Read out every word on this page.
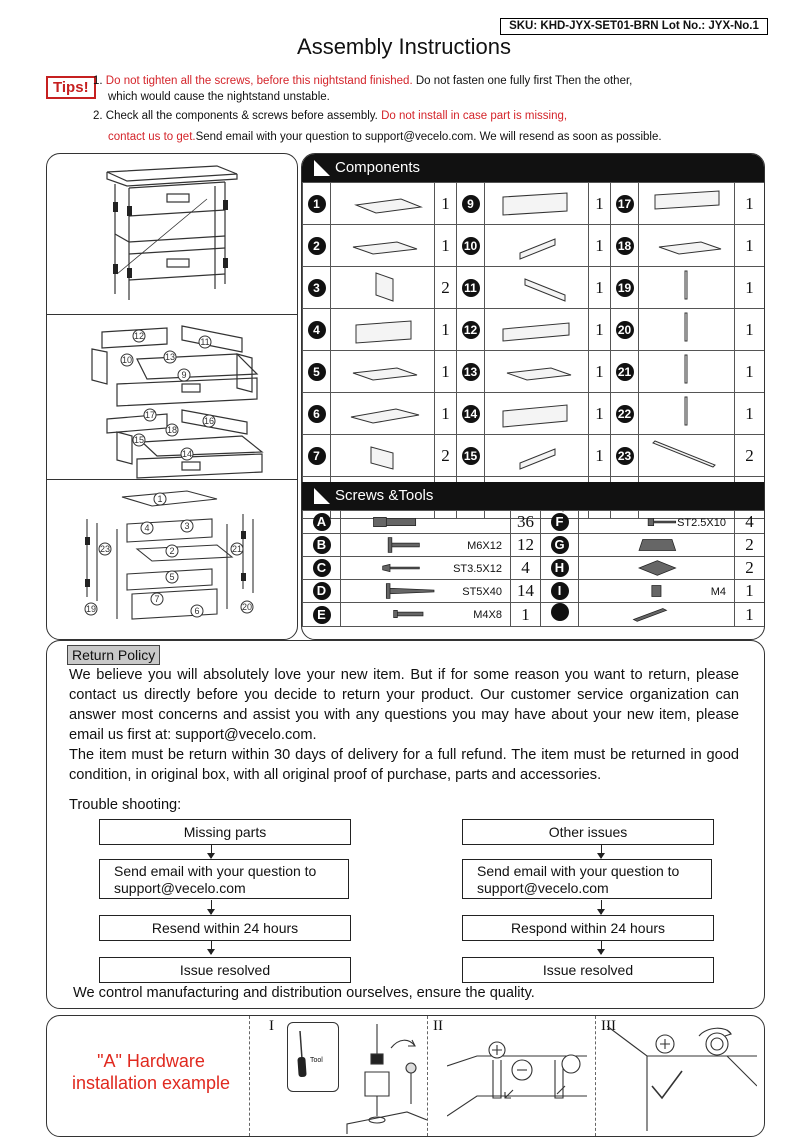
SKU: KHD-JYX-SET01-BRN Lot No.: JYX-No.1
Assembly Instructions
Tips! 1. Do not tighten all the screws, before this nightstand finished. Do not fasten one fully first Then the other,
which would cause the nightstand unstable.
2. Check all the components & screws before assembly. Do not install in case part is missing,
contact us to get.Send email with your question to support@vecelo.com. We will resend as soon as possible.
12
11
10	13
9
17
16
18
15
14
1
4	3
2
5
7
6
23	21
19	20
Components
1		1	9		1	17		1
2		1	10		1	18		1
3		2	11		1	19		1
4		1	12		1	20		1
5		1	13		1	21		1
6		1	14		1	22		1
7		2	15		1	23		2

Screws &Tools
A		36	F	ST2.5X10	4
B	M6X12	12	G		2
C	ST3.5X12	4	H		2
D	ST5X40	14	I	M4	1
E	M4X8	1			1
Return Policy

We believe you will absolutely love your new item. But if for some reason you want to return, please contact us directly before you decide to return your product. Our customer service organization can answer most concerns and assist you with any questions you may have about your new item, please email us first at: support@vecelo.com.

The item must be return within 30 days of delivery for a full refund. The item must be returned in good condition, in original box, with all original proof of purchase, parts and accessories.

Trouble shooting:
Missing parts
Send email with your question to support@vecelo.com
Resend within 24 hours
Issue resolved
Other issues
Send email with your question to support@vecelo.com
Respond within 24 hours
Issue resolved
We control manufacturing and distribution ourselves, ensure the quality.
"A" Hardware
installation example
I	II	III
Tool
